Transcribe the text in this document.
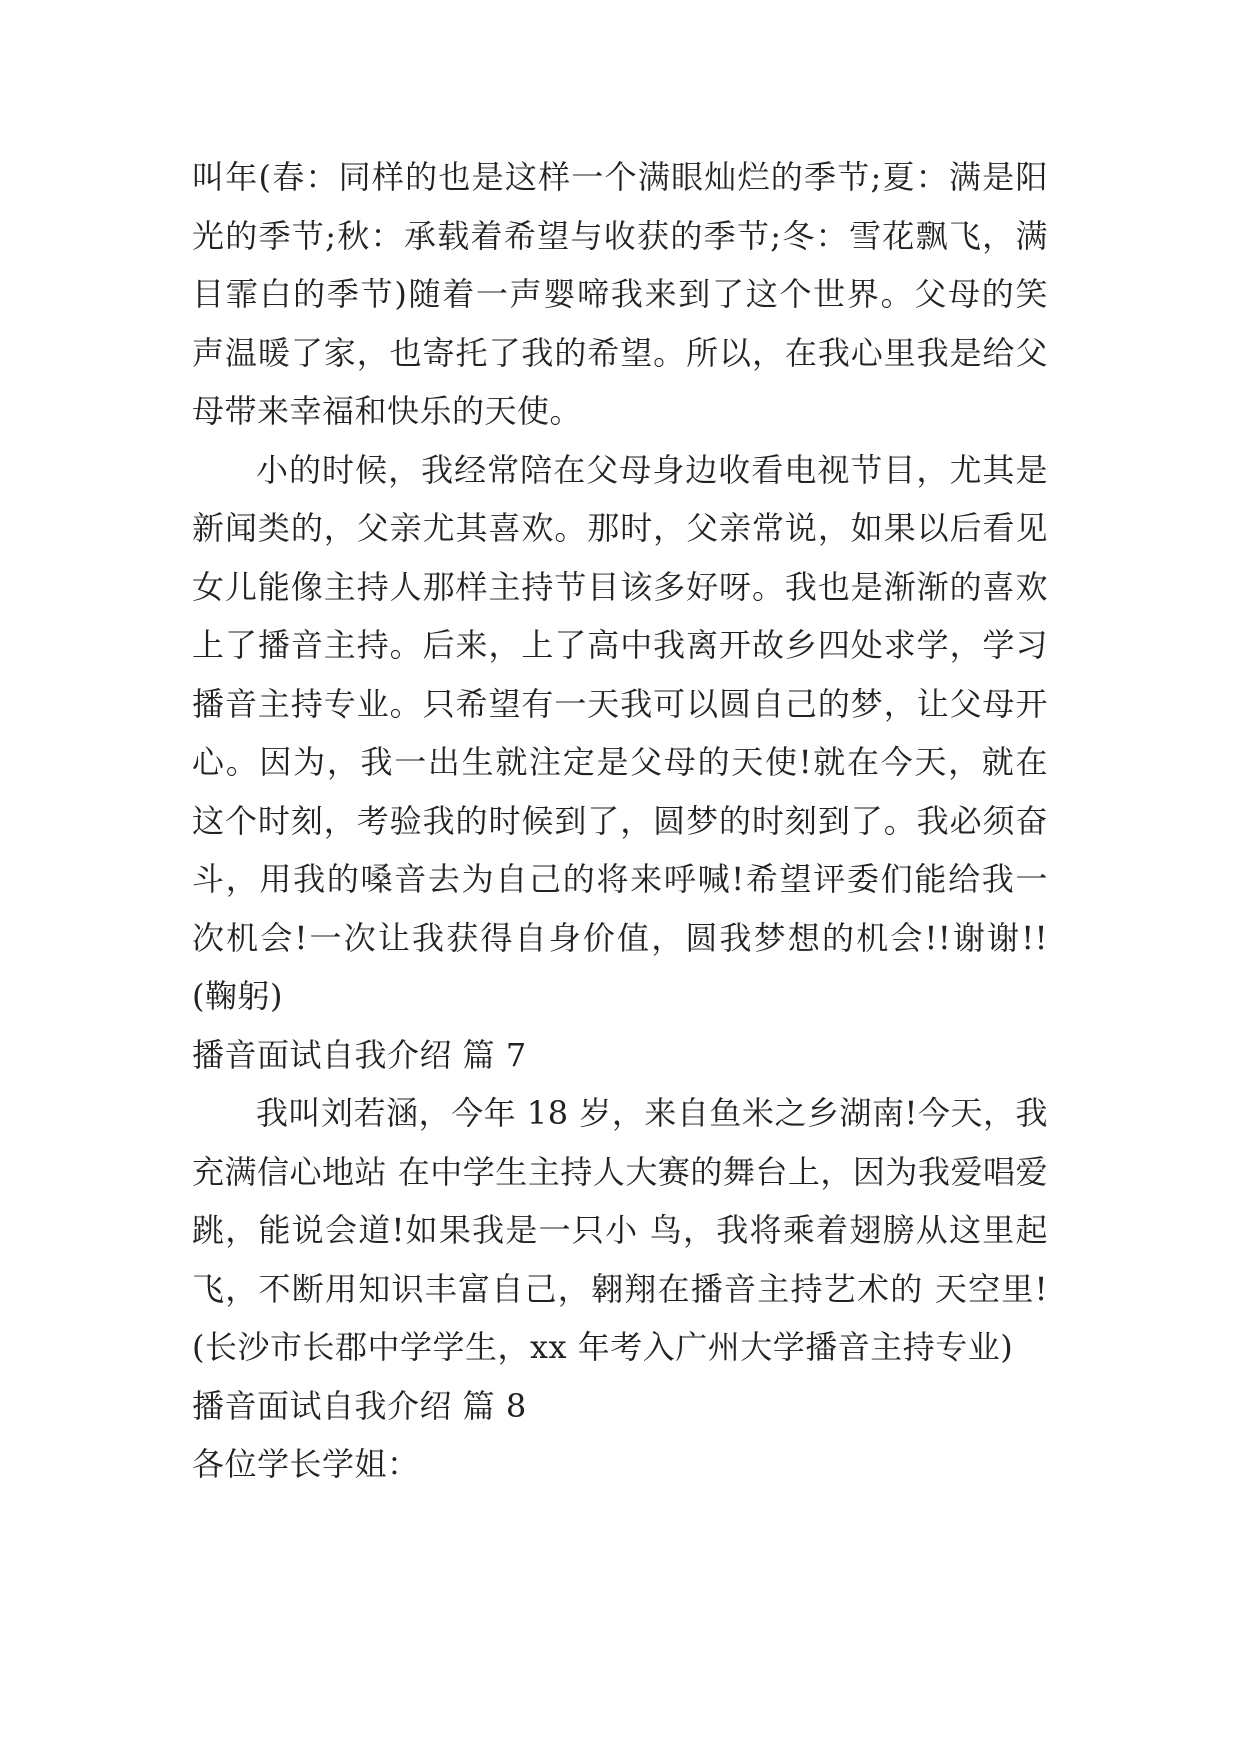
叫年(春：同样的也是这样一个满眼灿烂的季节;夏：满是阳光的季节;秋：承载着希望与收获的季节;冬：雪花飘飞，满目霏白的季节)随着一声婴啼我来到了这个世界。父母的笑声温暖了家，也寄托了我的希望。所以，在我心里我是给父母带来幸福和快乐的天使。

小的时候，我经常陪在父母身边收看电视节目，尤其是新闻类的，父亲尤其喜欢。那时，父亲常说，如果以后看见女儿能像主持人那样主持节目该多好呀。我也是渐渐的喜欢上了播音主持。后来，上了高中我离开故乡四处求学，学习播音主持专业。只希望有一天我可以圆自己的梦，让父母开心。因为，我一出生就注定是父母的天使!就在今天，就在这个时刻，考验我的时候到了，圆梦的时刻到了。我必须奋斗，用我的嗓音去为自己的将来呼喊!希望评委们能给我一次机会!一次让我获得自身价值，圆我梦想的机会!!谢谢!!(鞠躬)

播音面试自我介绍 篇 7

我叫刘若涵，今年 18 岁，来自鱼米之乡湖南!今天，我充满信心地站 在中学生主持人大赛的舞台上，因为我爱唱爱跳，能说会道!如果我是一只小 鸟，我将乘着翅膀从这里起飞，不断用知识丰富自己，翱翔在播音主持艺术的 天空里! (长沙市长郡中学学生，xx 年考入广州大学播音主持专业)

播音面试自我介绍 篇 8

各位学长学姐：
